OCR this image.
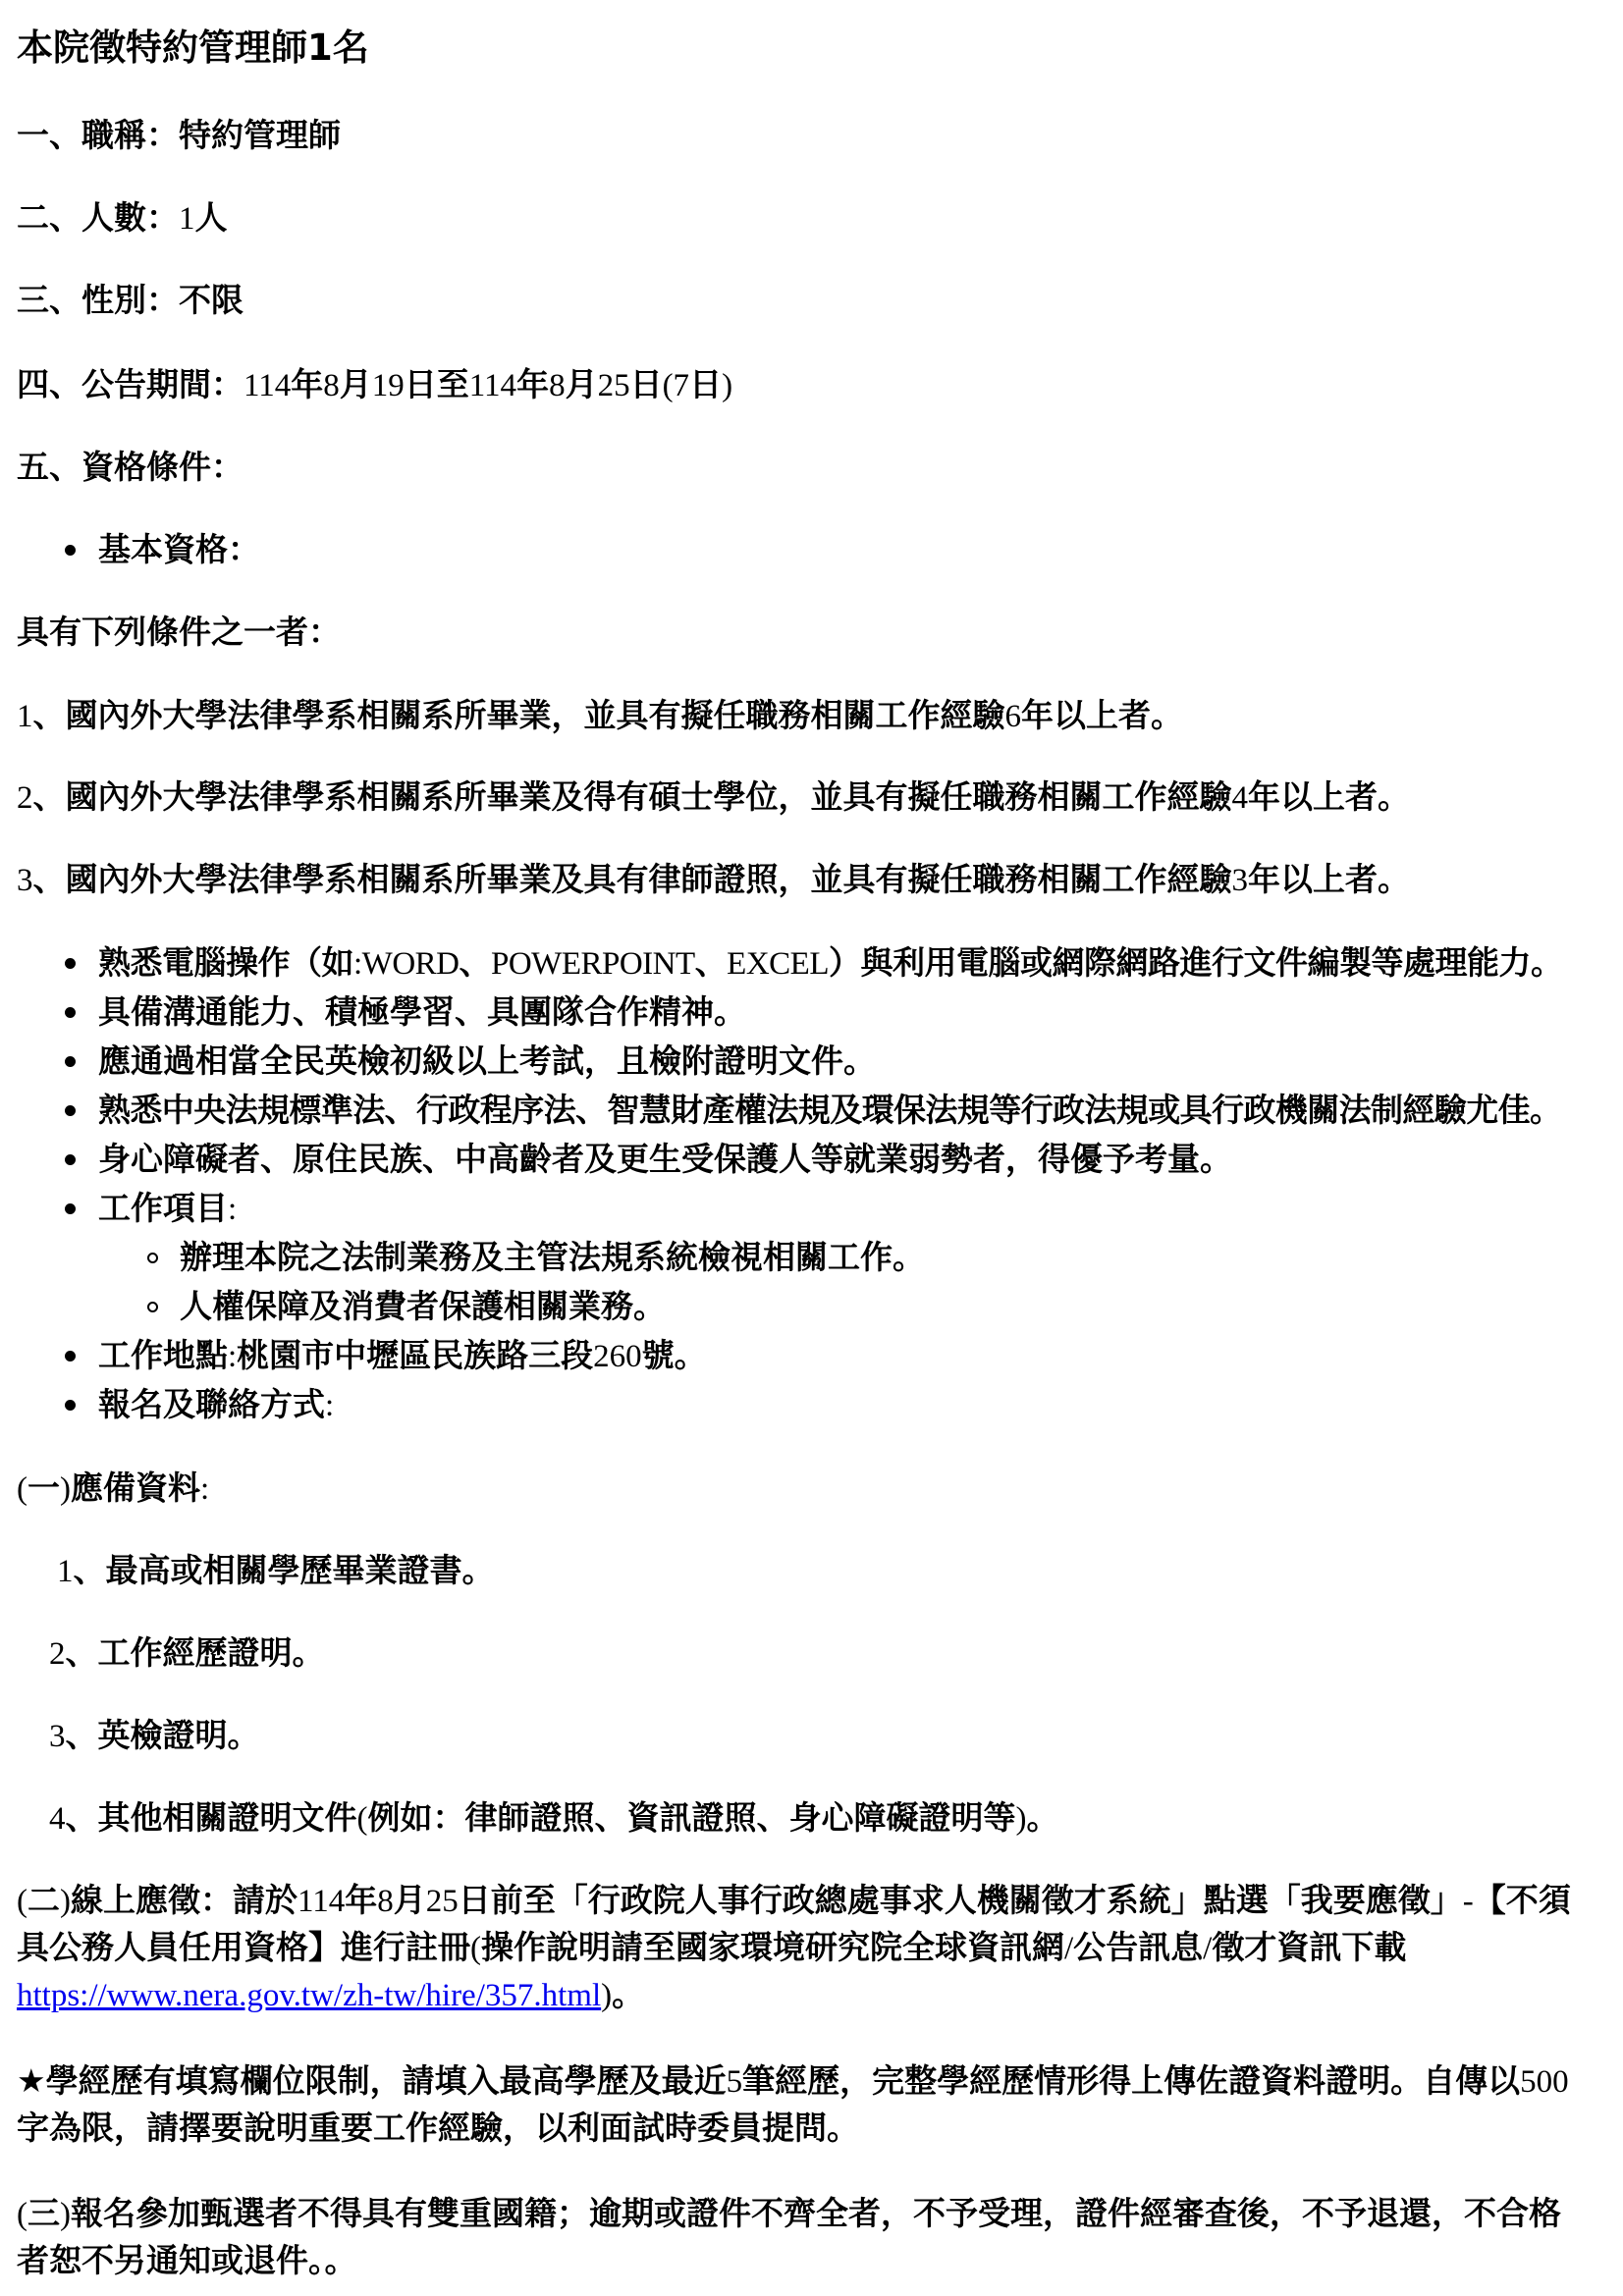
本院徵特約管理師1名
一、職稱：特約管理師
二、人數：1人
三、性別：不限
四、公告期間：114年8月19日至114年8月25日(7日)
五、資格條件：
基本資格：
具有下列條件之一者：
1、國內外大學法律學系相關系所畢業，並具有擬任職務相關工作經驗6年以上者。
2、國內外大學法律學系相關系所畢業及得有碩士學位，並具有擬任職務相關工作經驗4年以上者。
3、國內外大學法律學系相關系所畢業及具有律師證照，並具有擬任職務相關工作經驗3年以上者。
熟悉電腦操作（如:WORD、POWERPOINT、EXCEL）與利用電腦或網際網路進行文件編製等處理能力。
具備溝通能力、積極學習、具團隊合作精神。
應通過相當全民英檢初級以上考試，且檢附證明文件。
熟悉中央法規標準法、行政程序法、智慧財產權法規及環保法規等行政法規或具行政機關法制經驗尤佳。
身心障礙者、原住民族、中高齡者及更生受保護人等就業弱勢者，得優予考量。
工作項目:
辦理本院之法制業務及主管法規系統檢視相關工作。
人權保障及消費者保護相關業務。
工作地點:桃園市中壢區民族路三段260號。
報名及聯絡方式:
(一)應備資料:
1、最高或相關學歷畢業證書。
2、工作經歷證明。
3、英檢證明。
4、其他相關證明文件(例如：律師證照、資訊證照、身心障礙證明等)。
(二)線上應徵：請於114年8月25日前至「行政院人事行政總處事求人機關徵才系統」點選「我要應徵」-【不須
具公務人員任用資格】進行註冊(操作說明請至國家環境研究院全球資訊網/公告訊息/徵才資訊下載
https://www.nera.gov.tw/zh-tw/hire/357.html)。
★學經歷有填寫欄位限制，請填入最高學歷及最近5筆經歷，完整學經歷情形得上傳佐證資料證明。自傳以500
字為限，請擇要說明重要工作經驗，以利面試時委員提問。
(三)報名參加甄選者不得具有雙重國籍；逾期或證件不齊全者，不予受理，證件經審查後，不予退還，不合格
者恕不另通知或退件。。
